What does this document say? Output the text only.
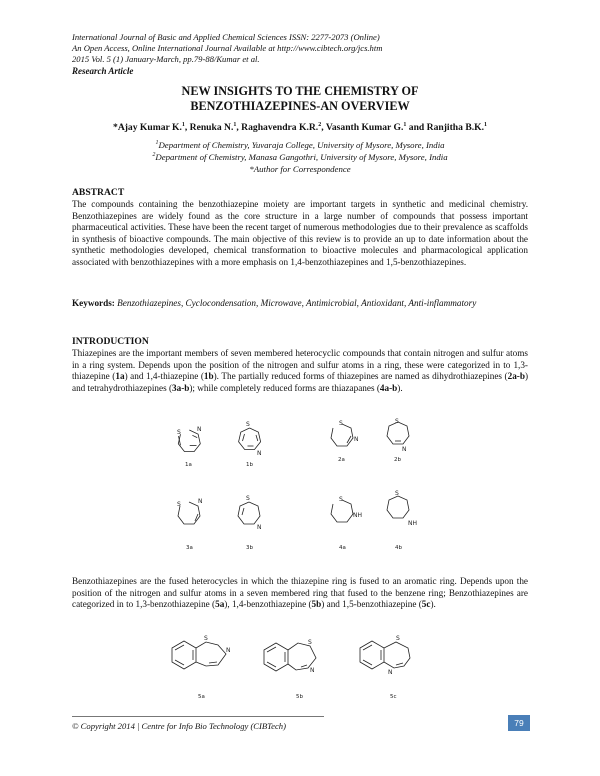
International Journal of Basic and Applied Chemical Sciences ISSN: 2277-2073 (Online)
An Open Access, Online International Journal Available at http://www.cibtech.org/jcs.htm
2015 Vol. 5 (1) January-March, pp.79-88/Kumar et al.
Research Article
NEW INSIGHTS TO THE CHEMISTRY OF
BENZOTHIAZEPINES-AN OVERVIEW
*Ajay Kumar K.$^1$, Renuka N.$^1$, Raghavendra K.R.$^2$, Vasanth Kumar G.$^1$ and Ranjitha B.K.$^1$
$^1$Department of Chemistry, Yuvaraja College, University of Mysore, Mysore, India
$^2$Department of Chemistry, Manasa Gangothri, University of Mysore, Mysore, India
*Author for Correspondence
ABSTRACT
The compounds containing the benzothiazepine moiety are important targets in synthetic and medicinal chemistry. Benzothiazepines are widely found as the core structure in a large number of compounds that possess important pharmaceutical activities. These have been the recent target of numerous methodologies due to their prevalence as scaffolds in synthesis of bioactive compounds. The main objective of this review is to provide an up to date information about the synthetic methodologies developed, chemical transformation to bioactive molecules and pharmacological application associated with benzothiazepines with a more emphasis on 1,4-benzothiazepines and 1,5-benzothiazepines.
Keywords: Benzothiazepines, Cyclocondensation, Microwave, Antimicrobial, Antioxidant, Anti-inflammatory
INTRODUCTION
Thiazepines are the important members of seven membered heterocyclic compounds that contain nitrogen and sulfur atoms in a ring system. Depends upon the position of the nitrogen and sulfur atoms in a ring, these were categorized in to 1,3-thiazepine (1a) and 1,4-thiazepine (1b). The partially reduced forms of thiazepines are named as dihydrothiazepines (2a-b) and tetrahydrothiazepines (3a-b); while completely reduced forms are thiazapanes (4a-b).
S	N
1a
S
N
1b
S
N
2a
S
N
2b
S	N
3a
S
N
3b
S
NH
4a
S
NH
4b
Benzothiazepines are the fused heterocycles in which the thiazepine ring is fused to an aromatic ring. Depends upon the position of the nitrogen and sulfur atoms in a seven membered ring that fused to the benzene ring; Benzothiazepines are categorized in to 1,3-benzothiazepine (5a), 1,4-benzothiazepine (5b) and 1,5-benzothiazepine (5c).
S
N
5a
S
N
5b
S
N
5c
© Copyright 2014 | Centre for Info Bio Technology (CIBTech)	79
